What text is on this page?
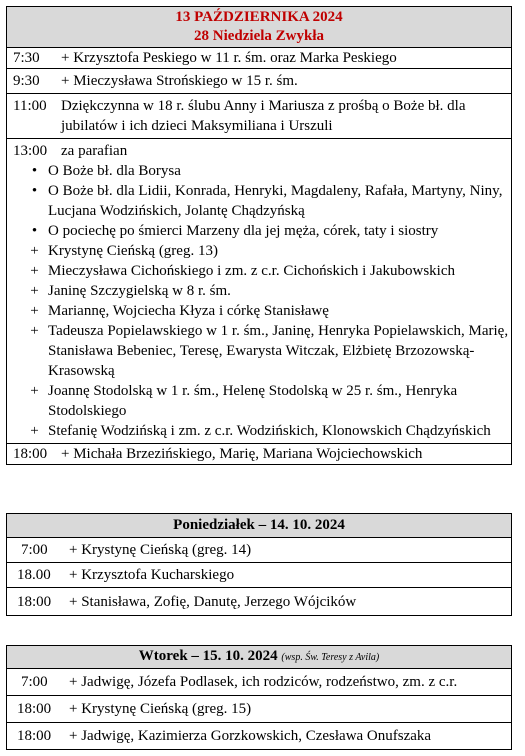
13 PAŹDZIERNIKA 2024
28 Niedziela Zwykła
7:30	+ Krzysztofa Peskiego w 11 r. śm. oraz Marka Peskiego
9:30	+ Mieczysława Strońskiego w 15 r. śm.
11:00 Dziękczynna w 18 r. ślubu Anny i Mariusza z prośbą o Boże bł. dla jubilatów i ich dzieci Maksymiliana i Urszuli
13:00 za parafian
• O Boże bł. dla Borysa
• O Boże bł. dla Lidii, Konrada, Henryki, Magdaleny, Rafała, Martyny, Niny, Lucjana Wodzińskich, Jolantę Chądzyńską
• O pociechę po śmierci Marzeny dla jej męża, córek, taty i siostry
+ Krystynę Cieńską (greg. 13)
+ Mieczysława Cichońskiego i zm. z c.r. Cichońskich i Jakubowskich
+ Janinę Szczygielską w 8 r. śm.
+ Mariannę, Wojciecha Kłyza i córkę Stanisławę
+ Tadeusza Popielawskiego w 1 r. śm., Janinę, Henryka Popielawskich, Marię, Stanisława Bebeniec, Teresę, Ewarysta Witczak, Elżbietę Brzozowską-Krasowską
+ Joannę Stodolską w 1 r. śm., Helenę Stodolską w 25 r. śm., Henryka Stodolskiego
+ Stefanię Wodzińską i zm. z c.r. Wodzińskich, Klonowskich Chądzyńskich
18:00 + Michała Brzezińskiego, Marię, Mariana Wojciechowskich
Poniedziałek – 14. 10. 2024
7:00	+ Krystynę Cieńską (greg. 14)
18.00	+ Krzysztofa Kucharskiego
18:00	+ Stanisława, Zofię, Danutę, Jerzego Wójcików
Wtorek – 15. 10. 2024 (wsp. Św. Teresy z Avila)
7:00	+ Jadwigę, Józefa Podlasek, ich rodziców, rodzeństwo, zm. z c.r.
18:00	+ Krystynę Cieńską (greg. 15)
18:00	+ Jadwigę, Kazimierza Gorzkowskich, Czesława Onufszaka
